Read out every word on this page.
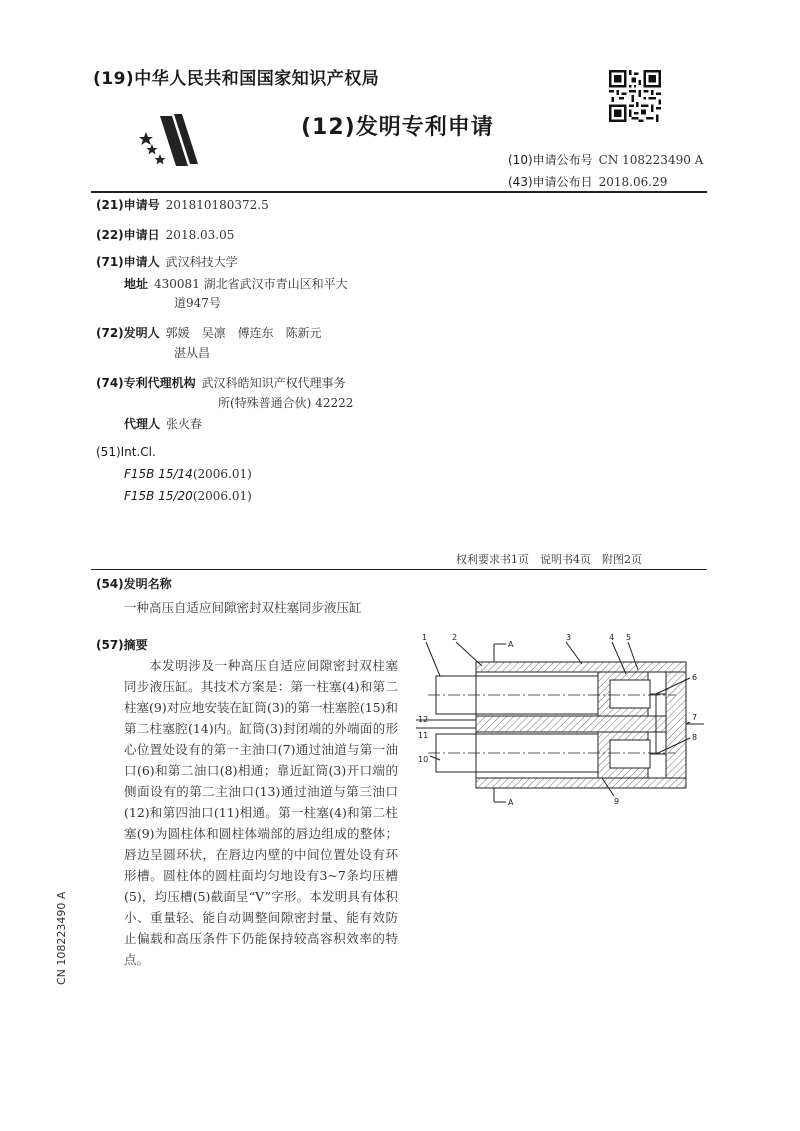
(19)中华人民共和国国家知识产权局
(12)发明专利申请
(10)申请公布号 CN 108223490 A
(43)申请公布日 2018.06.29
(21)申请号 201810180372.5
(22)申请日 2018.03.05
(71)申请人 武汉科技大学
地址 430081 湖北省武汉市青山区和平大
道947号
(72)发明人 郭媛　吴凛　傅连东　陈新元
湛从昌
(74)专利代理机构 武汉科皓知识产权代理事务
所(特殊普通合伙) 42222
代理人 张火春
(51)Int.Cl.
F15B 15/14(2006.01)
F15B 15/20(2006.01)
权利要求书1页　说明书4页　附图2页
(54)发明名称
一种高压自适应间隙密封双柱塞同步液压缸
(57)摘要
本发明涉及一种高压自适应间隙密封双柱塞同步液压缸。其技术方案是：第一柱塞(4)和第二柱塞(9)对应地安装在缸筒(3)的第一柱塞腔(15)和第二柱塞腔(14)内。缸筒(3)封闭端的外端面的形心位置处设有的第一主油口(7)通过油道与第一油口(6)和第二油口(8)相通；靠近缸筒(3)开口端的侧面设有的第二主油口(13)通过油道与第三油口(12)和第四油口(11)相通。第一柱塞(4)和第二柱塞(9)为圆柱体和圆柱体端部的唇边组成的整体；唇边呈圆环状，在唇边内壁的中间位置处设有环形槽。圆柱体的圆柱面均匀地设有3~7条均压槽(5)，均压槽(5)截面呈“V”字形。本发明具有体积小、重量轻、能自动调整间隙密封量、能有效防止偏载和高压条件下仍能保持较高容积效率的特点。
CN 108223490 A
1	2	3	4 5
6
7
8
9
10
11
12
A
A
